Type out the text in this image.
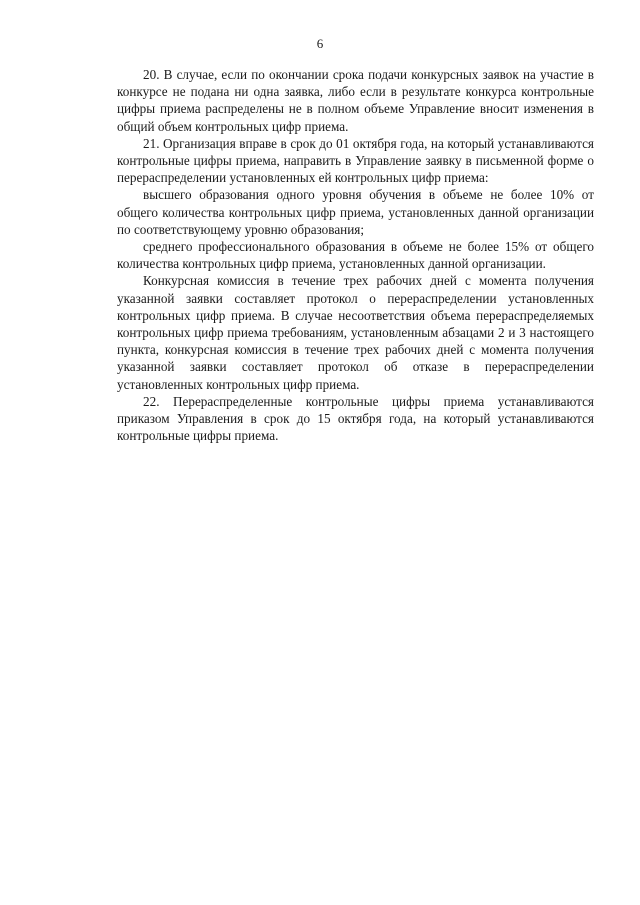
6

20. В случае, если по окончании срока подачи конкурсных заявок на участие в конкурсе не подана ни одна заявка, либо если в результате конкурса контрольные цифры приема распределены не в полном объеме Управление вносит изменения в общий объем контрольных цифр приема.

21. Организация вправе в срок до 01 октября года, на который устанавливаются контрольные цифры приема, направить в Управление заявку в письменной форме о перераспределении установленных ей контрольных цифр приема:

высшего образования одного уровня обучения в объеме не более 10% от общего количества контрольных цифр приема, установленных данной организации по соответствующему уровню образования;

среднего профессионального образования в объеме не более 15% от общего количества контрольных цифр приема, установленных данной организации.

Конкурсная комиссия в течение трех рабочих дней с момента получения указанной заявки составляет протокол о перераспределении установленных контрольных цифр приема. В случае несоответствия объема перераспределяемых контрольных цифр приема требованиям, установленным абзацами 2 и 3 настоящего пункта, конкурсная комиссия в течение трех рабочих дней с момента получения указанной заявки составляет протокол об отказе в перераспределении установленных контрольных цифр приема.

22. Перераспределенные контрольные цифры приема устанавливаются приказом Управления в срок до 15 октября года, на который устанавливаются контрольные цифры приема.
